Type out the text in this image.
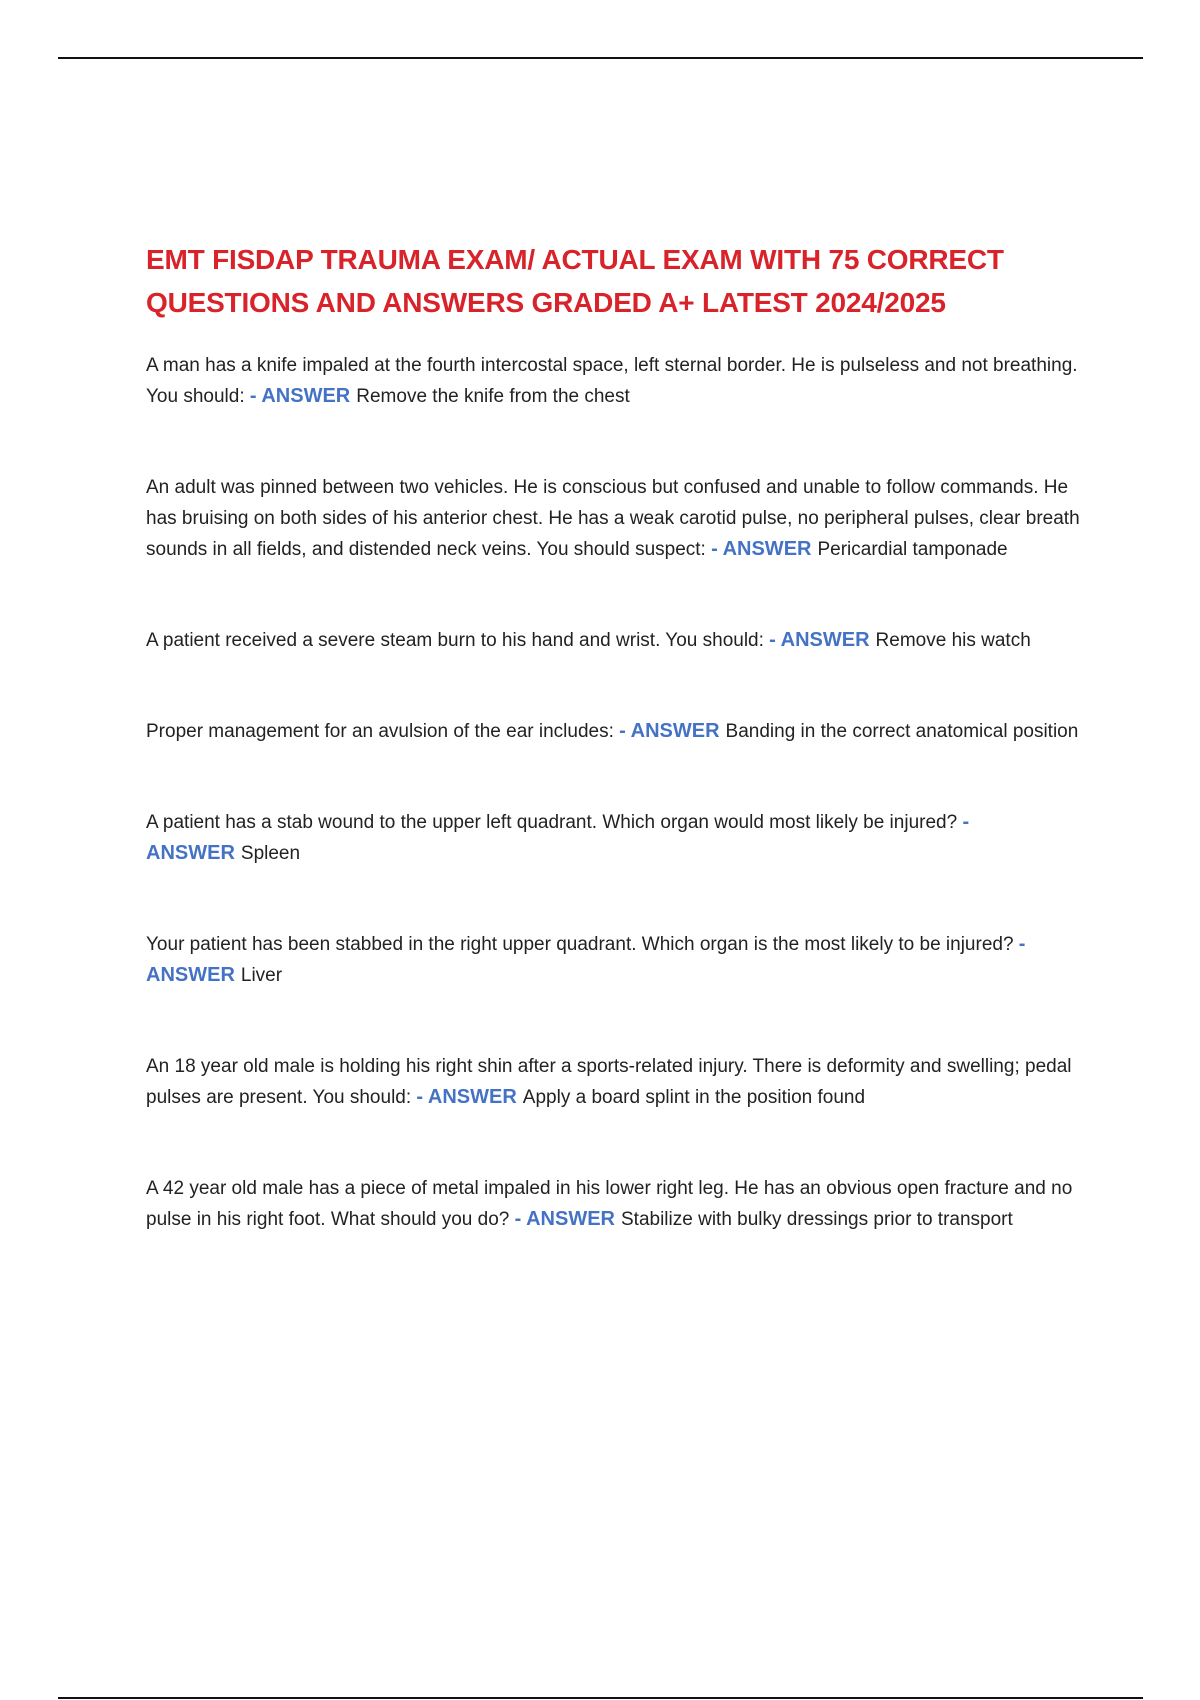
EMT FISDAP TRAUMA EXAM/ ACTUAL EXAM WITH 75 CORRECT QUESTIONS AND ANSWERS GRADED A+ LATEST 2024/2025
A man has a knife impaled at the fourth intercostal space, left sternal border. He is pulseless and not breathing. You should: - ANSWER Remove the knife from the chest
An adult was pinned between two vehicles. He is conscious but confused and unable to follow commands. He has bruising on both sides of his anterior chest. He has a weak carotid pulse, no peripheral pulses, clear breath sounds in all fields, and distended neck veins. You should suspect: - ANSWER Pericardial tamponade
A patient received a severe steam burn to his hand and wrist. You should: - ANSWER Remove his watch
Proper management for an avulsion of the ear includes: - ANSWER Banding in the correct anatomical position
A patient has a stab wound to the upper left quadrant. Which organ would most likely be injured? - ANSWER Spleen
Your patient has been stabbed in the right upper quadrant. Which organ is the most likely to be injured? - ANSWER Liver
An 18 year old male is holding his right shin after a sports-related injury. There is deformity and swelling; pedal pulses are present. You should: - ANSWER Apply a board splint in the position found
A 42 year old male has a piece of metal impaled in his lower right leg. He has an obvious open fracture and no pulse in his right foot. What should you do? - ANSWER Stabilize with bulky dressings prior to transport
